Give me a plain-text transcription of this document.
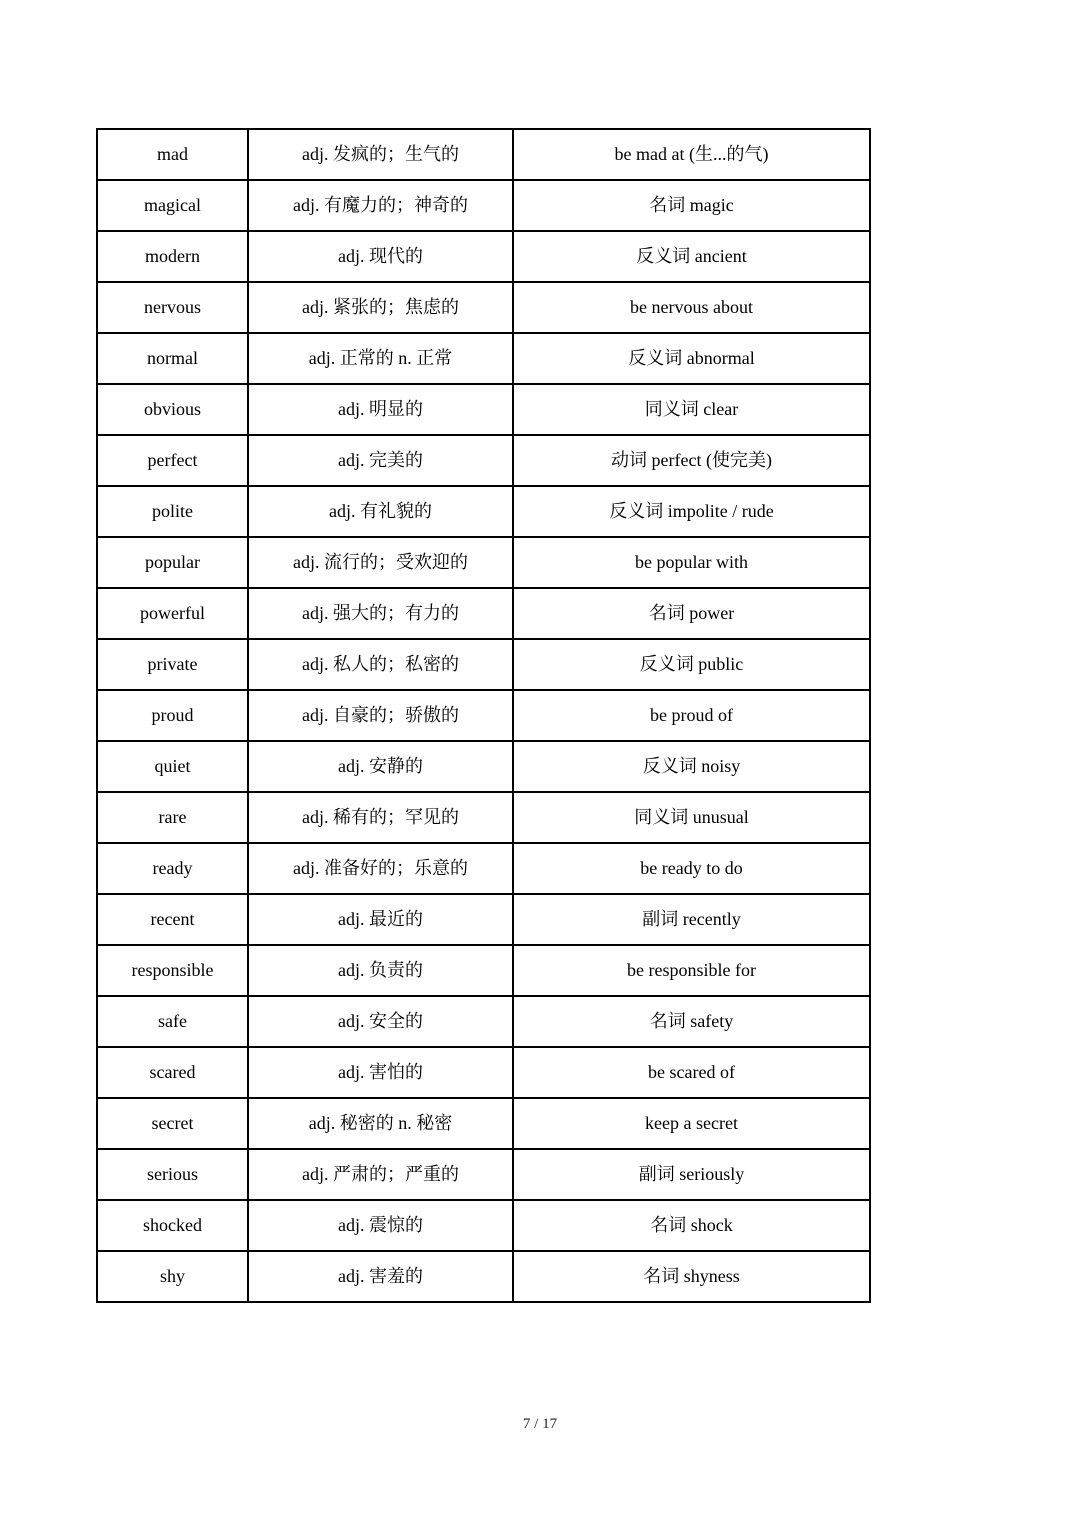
mad	adj. 发疯的；生气的	be mad at (生...的气)
magical	adj. 有魔力的；神奇的	名词 magic
modern	adj. 现代的	反义词 ancient
nervous	adj. 紧张的；焦虑的	be nervous about
normal	adj. 正常的 n. 正常	反义词 abnormal
obvious	adj. 明显的	同义词 clear
perfect	adj. 完美的	动词 perfect (使完美)
polite	adj. 有礼貌的	反义词 impolite / rude
popular	adj. 流行的；受欢迎的	be popular with
powerful	adj. 强大的；有力的	名词 power
private	adj. 私人的；私密的	反义词 public
proud	adj. 自豪的；骄傲的	be proud of
quiet	adj. 安静的	反义词 noisy
rare	adj. 稀有的；罕见的	同义词 unusual
ready	adj. 准备好的；乐意的	be ready to do
recent	adj. 最近的	副词 recently
responsible	adj. 负责的	be responsible for
safe	adj. 安全的	名词 safety
scared	adj. 害怕的	be scared of
secret	adj. 秘密的 n. 秘密	keep a secret
serious	adj. 严肃的；严重的	副词 seriously
shocked	adj. 震惊的	名词 shock
shy	adj. 害羞的	名词 shyness
7 / 17
